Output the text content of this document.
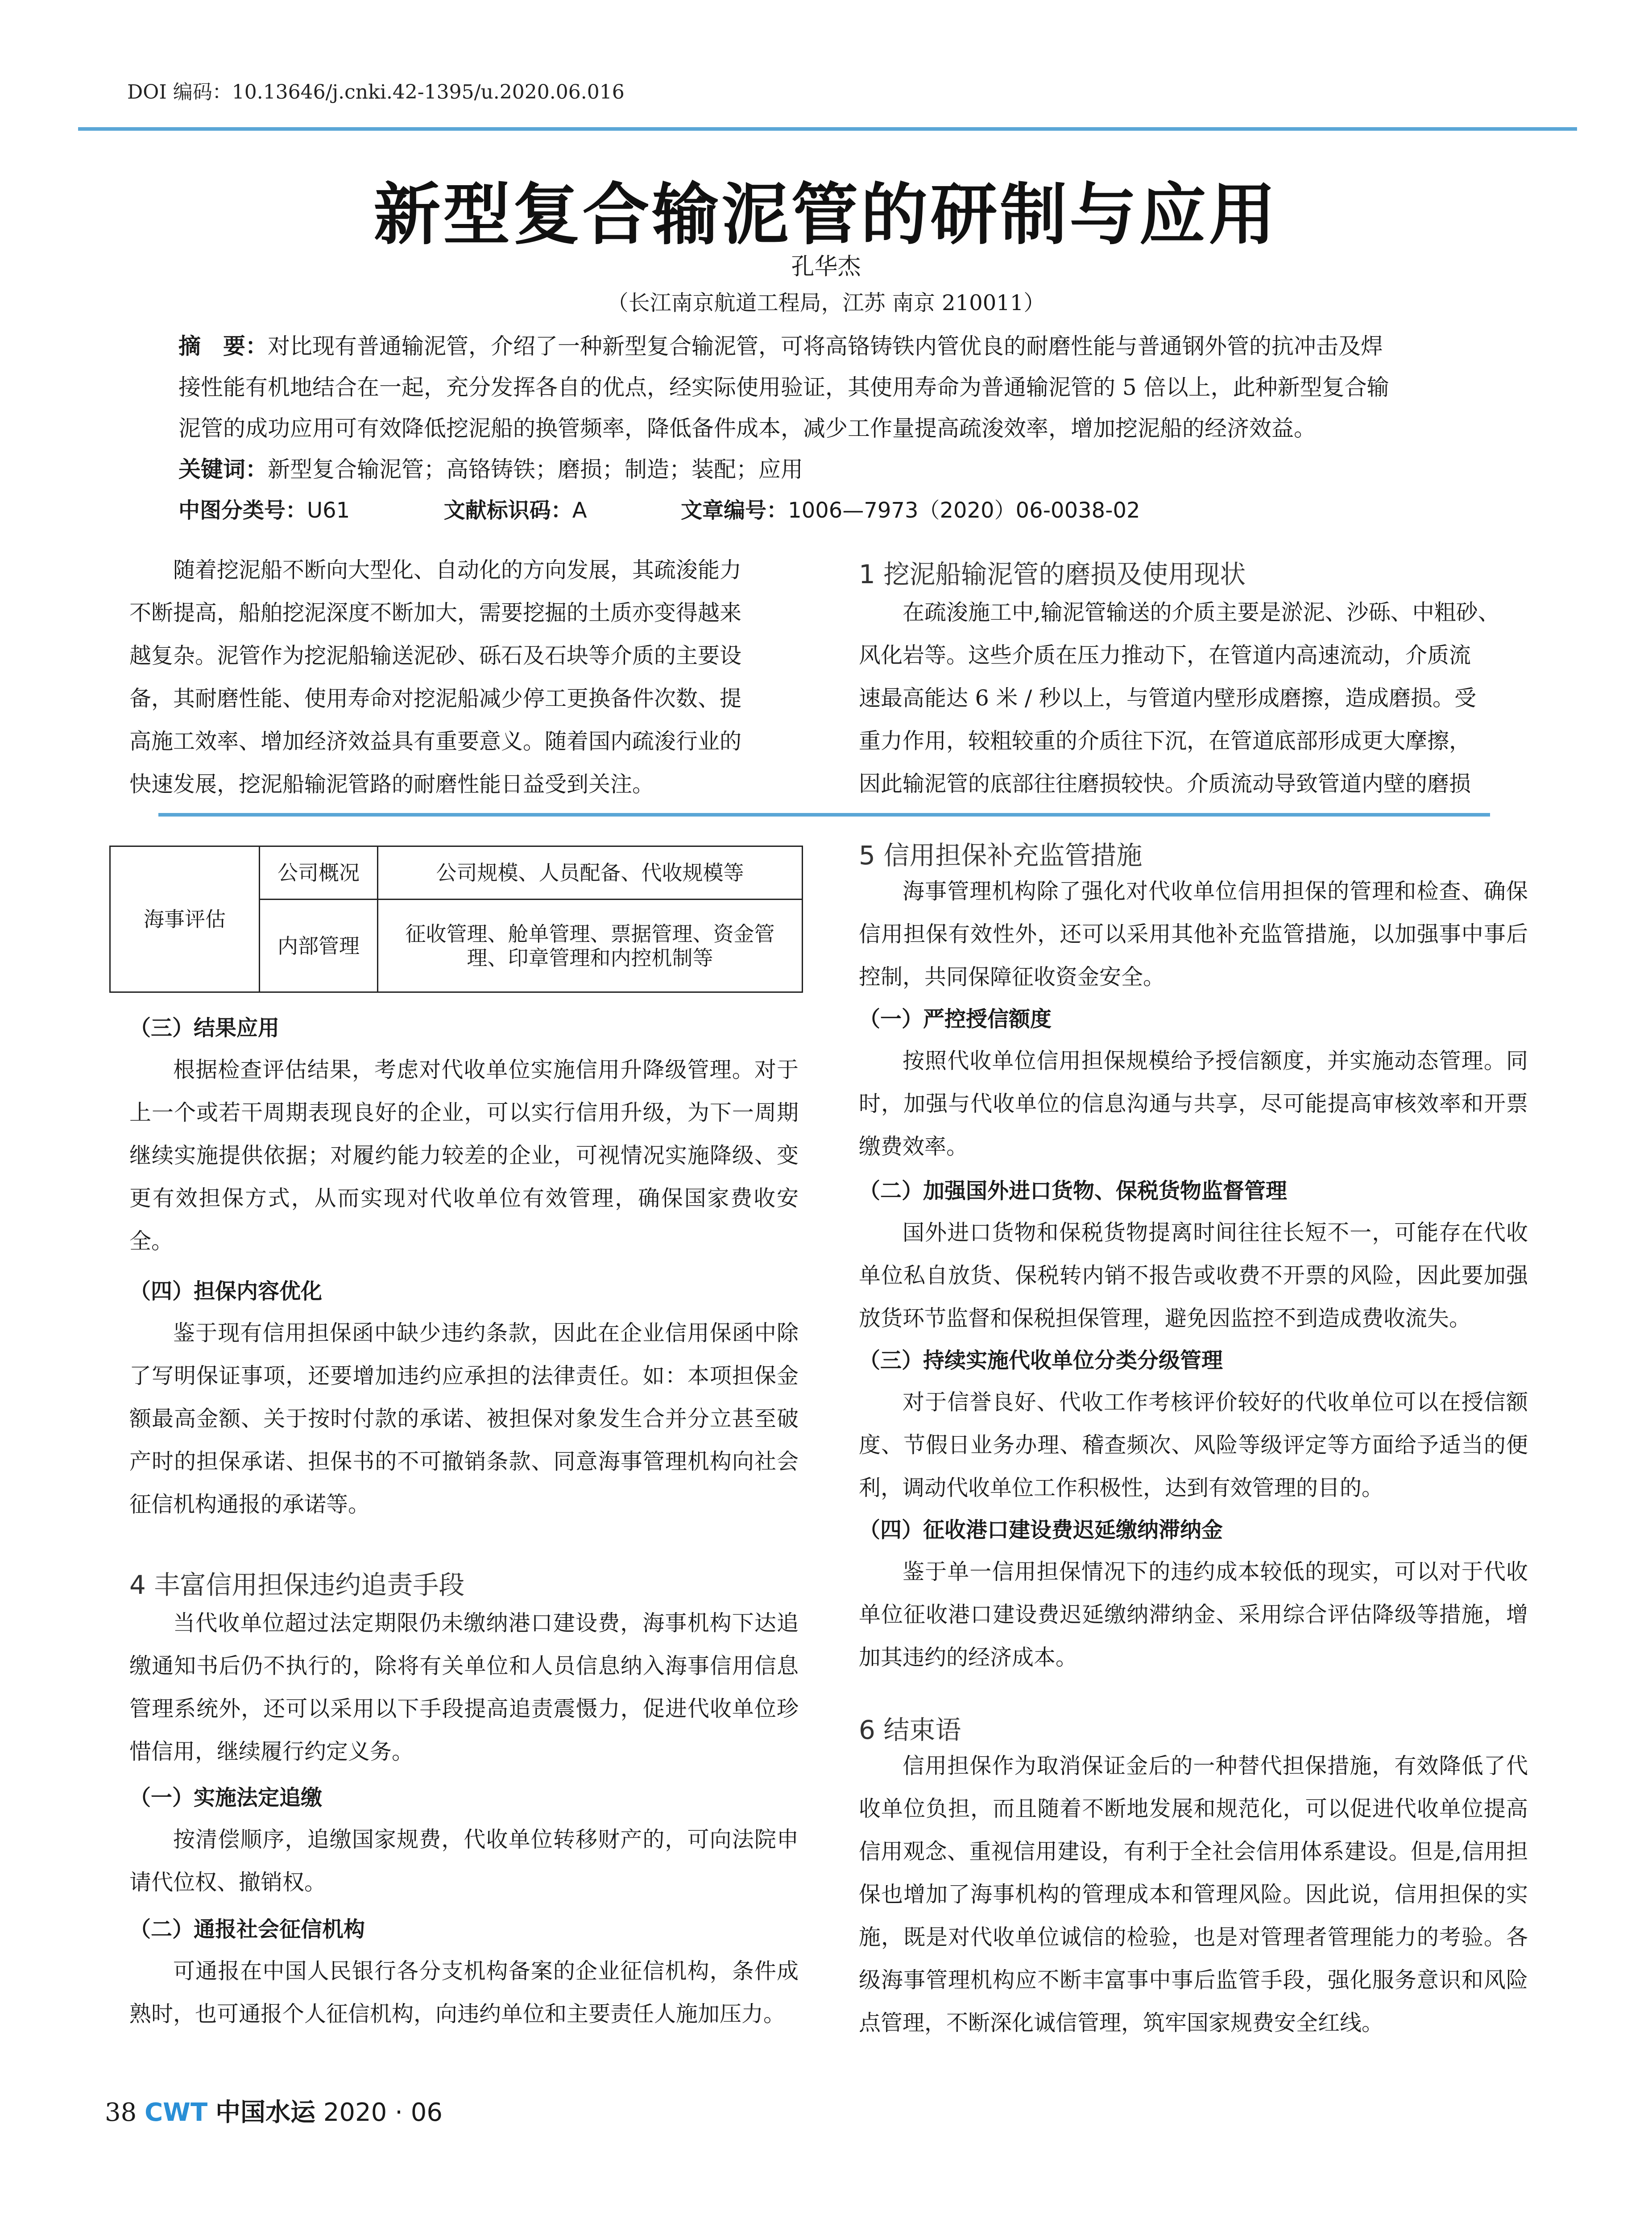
DOI 编码：10.13646/j.cnki.42-1395/u.2020.06.016
新型复合输泥管的研制与应用
孔华杰
（长江南京航道工程局，江苏 南京 210011）
摘　要：对比现有普通输泥管，介绍了一种新型复合输泥管，可将高铬铸铁内管优良的耐磨性能与普通钢外管的抗冲击及焊
接性能有机地结合在一起，充分发挥各自的优点，经实际使用验证，其使用寿命为普通输泥管的 5 倍以上，此种新型复合输
泥管的成功应用可有效降低挖泥船的换管频率，降低备件成本，减少工作量提高疏浚效率，增加挖泥船的经济效益。
关键词：新型复合输泥管；高铬铸铁；磨损；制造；装配；应用
中图分类号：U61	文献标识码：A	文章编号：1006—7973（2020）06-0038-02
随着挖泥船不断向大型化、自动化的方向发展，其疏浚能力
不断提高，船舶挖泥深度不断加大，需要挖掘的土质亦变得越来
越复杂。泥管作为挖泥船输送泥砂、砾石及石块等介质的主要设
备，其耐磨性能、使用寿命对挖泥船减少停工更换备件次数、提
高施工效率、增加经济效益具有重要意义。随着国内疏浚行业的
快速发展，挖泥船输泥管路的耐磨性能日益受到关注。
1 挖泥船输泥管的磨损及使用现状
在疏浚施工中,输泥管输送的介质主要是淤泥、沙砾、中粗砂、
风化岩等。这些介质在压力推动下，在管道内高速流动，介质流
速最高能达 6 米 / 秒以上，与管道内壁形成磨擦，造成磨损。受
重力作用，较粗较重的介质往下沉，在管道底部形成更大摩擦，
因此输泥管的底部往往磨损较快。介质流动导致管道内壁的磨损
海事评估	公司概况	公司规模、人员配备、代收规模等
	内部管理	征收管理、舱单管理、票据管理、资金管理、印章管理和内控机制等
（三）结果应用

根据检查评估结果，考虑对代收单位实施信用升降级管理。对于上一个或若干周期表现良好的企业，可以实行信用升级，为下一周期继续实施提供依据；对履约能力较差的企业，可视情况实施降级、变更有效担保方式，从而实现对代收单位有效管理，确保国家费收安全。

（四）担保内容优化

鉴于现有信用担保函中缺少违约条款，因此在企业信用保函中除了写明保证事项，还要增加违约应承担的法律责任。如：本项担保金额最高金额、关于按时付款的承诺、被担保对象发生合并分立甚至破产时的担保承诺、担保书的不可撤销条款、同意海事管理机构向社会征信机构通报的承诺等。

4 丰富信用担保违约追责手段

当代收单位超过法定期限仍未缴纳港口建设费，海事机构下达追缴通知书后仍不执行的，除将有关单位和人员信息纳入海事信用信息管理系统外，还可以采用以下手段提高追责震慑力，促进代收单位珍惜信用，继续履行约定义务。

（一）实施法定追缴

按清偿顺序，追缴国家规费，代收单位转移财产的，可向法院申请代位权、撤销权。

（二）通报社会征信机构

可通报在中国人民银行各分支机构备案的企业征信机构，条件成熟时，也可通报个人征信机构，向违约单位和主要责任人施加压力。

5 信用担保补充监管措施

海事管理机构除了强化对代收单位信用担保的管理和检查、确保信用担保有效性外，还可以采用其他补充监管措施，以加强事中事后控制，共同保障征收资金安全。

（一）严控授信额度

按照代收单位信用担保规模给予授信额度，并实施动态管理。同时，加强与代收单位的信息沟通与共享，尽可能提高审核效率和开票缴费效率。

（二）加强国外进口货物、保税货物监督管理

国外进口货物和保税货物提离时间往往长短不一，可能存在代收单位私自放货、保税转内销不报告或收费不开票的风险，因此要加强放货环节监督和保税担保管理，避免因监控不到造成费收流失。

（三）持续实施代收单位分类分级管理

对于信誉良好、代收工作考核评价较好的代收单位可以在授信额度、节假日业务办理、稽查频次、风险等级评定等方面给予适当的便利，调动代收单位工作积极性，达到有效管理的目的。

（四）征收港口建设费迟延缴纳滞纳金

鉴于单一信用担保情况下的违约成本较低的现实，可以对于代收单位征收港口建设费迟延缴纳滞纳金、采用综合评估降级等措施，增加其违约的经济成本。

6 结束语

信用担保作为取消保证金后的一种替代担保措施，有效降低了代收单位负担，而且随着不断地发展和规范化，可以促进代收单位提高信用观念、重视信用建设，有利于全社会信用体系建设。但是,信用担保也增加了海事机构的管理成本和管理风险。因此说，信用担保的实施，既是对代收单位诚信的检验，也是对管理者管理能力的考验。各级海事管理机构应不断丰富事中事后监管手段，强化服务意识和风险点管理，不断深化诚信管理，筑牢国家规费安全红线。

38 CWT 中国水运 2020 · 06
